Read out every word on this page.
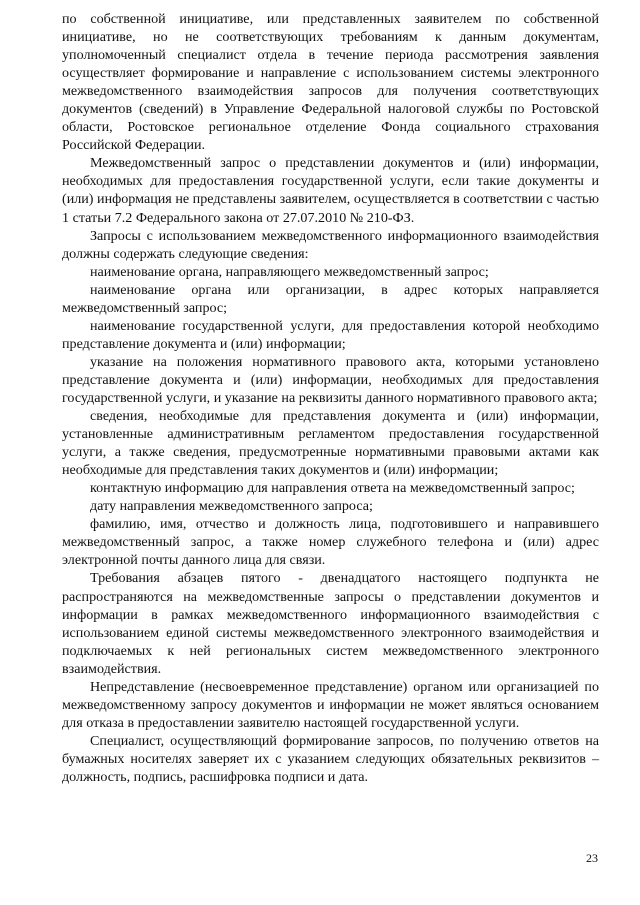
по собственной инициативе, или представленных заявителем по собственной инициативе, но не соответствующих требованиям к данным документам, уполномоченный специалист отдела в течение периода рассмотрения заявления осуществляет формирование и направление с использованием системы электронного межведомственного взаимодействия запросов для получения соответствующих документов (сведений) в Управление Федеральной налоговой службы по Ростовской области, Ростовское региональное отделение Фонда социального страхования Российской Федерации.

Межведомственный запрос о представлении документов и (или) информации, необходимых для предоставления государственной услуги, если такие документы и (или) информация не представлены заявителем, осуществляется в соответствии с частью 1 статьи 7.2 Федерального закона от 27.07.2010 № 210-ФЗ.

Запросы с использованием межведомственного информационного взаимодействия должны содержать следующие сведения:

наименование органа, направляющего межведомственный запрос;

наименование органа или организации, в адрес которых направляется межведомственный запрос;

наименование государственной услуги, для предоставления которой необходимо представление документа и (или) информации;

указание на положения нормативного правового акта, которыми установлено представление документа и (или) информации, необходимых для предоставления государственной услуги, и указание на реквизиты данного нормативного правового акта;

сведения, необходимые для представления документа и (или) информации, установленные административным регламентом предоставления государственной услуги, а также сведения, предусмотренные нормативными правовыми актами как необходимые для представления таких документов и (или) информации;

контактную информацию для направления ответа на межведомственный запрос;

дату направления межведомственного запроса;

фамилию, имя, отчество и должность лица, подготовившего и направившего межведомственный запрос, а также номер служебного телефона и (или) адрес электронной почты данного лица для связи.

Требования абзацев пятого - двенадцатого настоящего подпункта не распространяются на межведомственные запросы о представлении документов и информации в рамках межведомственного информационного взаимодействия с использованием единой системы межведомственного электронного взаимодействия и подключаемых к ней региональных систем межведомственного электронного взаимодействия.

Непредставление (несвоевременное представление) органом или организацией по межведомственному запросу документов и информации не может являться основанием для отказа в предоставлении заявителю настоящей государственной услуги.

Специалист, осуществляющий формирование запросов, по получению ответов на бумажных носителях заверяет их с указанием следующих обязательных реквизитов – должность, подпись, расшифровка подписи и дата.

23
